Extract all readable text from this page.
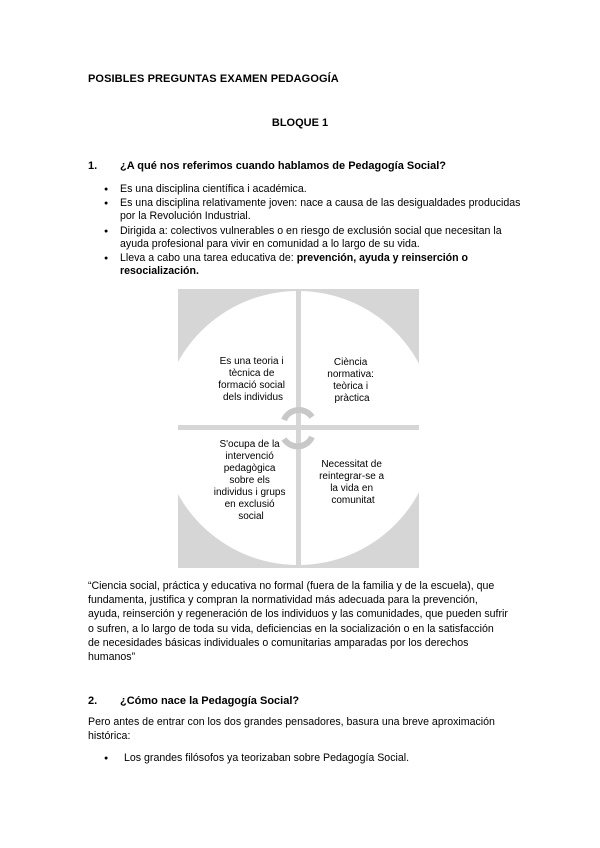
POSIBLES PREGUNTAS EXAMEN PEDAGOGÍA
BLOQUE 1
1. ¿A qué nos referimos cuando hablamos de Pedagogía Social?
● Es una disciplina científica i académica.
● Es una disciplina relativamente joven: nace a causa de las desigualdades producidas por la Revolución Industrial.
● Dirigida a: colectivos vulnerables o en riesgo de exclusión social que necesitan la ayuda profesional para vivir en comunidad a lo largo de su vida.
● Lleva a cabo una tarea educativa de: prevención, ayuda y reinserción o resocialización.
Es una teoria i tècnica de formació social dels individus
Ciència normativa: teòrica i pràctica
S'ocupa de la intervenció pedagògica sobre els individus i grups en exclusió social
Necessitat de reintegrar-se a la vida en comunitat

“Ciencia social, práctica y educativa no formal (fuera de la familia y de la escuela), que fundamenta, justifica y compran la normatividad más adecuada para la prevención, ayuda, reinserción y regeneración de los individuos y las comunidades, que pueden sufrir o sufren, a lo largo de toda su vida, deficiencias en la socialización o en la satisfacción de necesidades básicas individuales o comunitarias amparadas por los derechos humanos”

2. ¿Cómo nace la Pedagogía Social?

Pero antes de entrar con los dos grandes pensadores, basura una breve aproximación histórica:

● Los grandes filósofos ya teorizaban sobre Pedagogía Social.
